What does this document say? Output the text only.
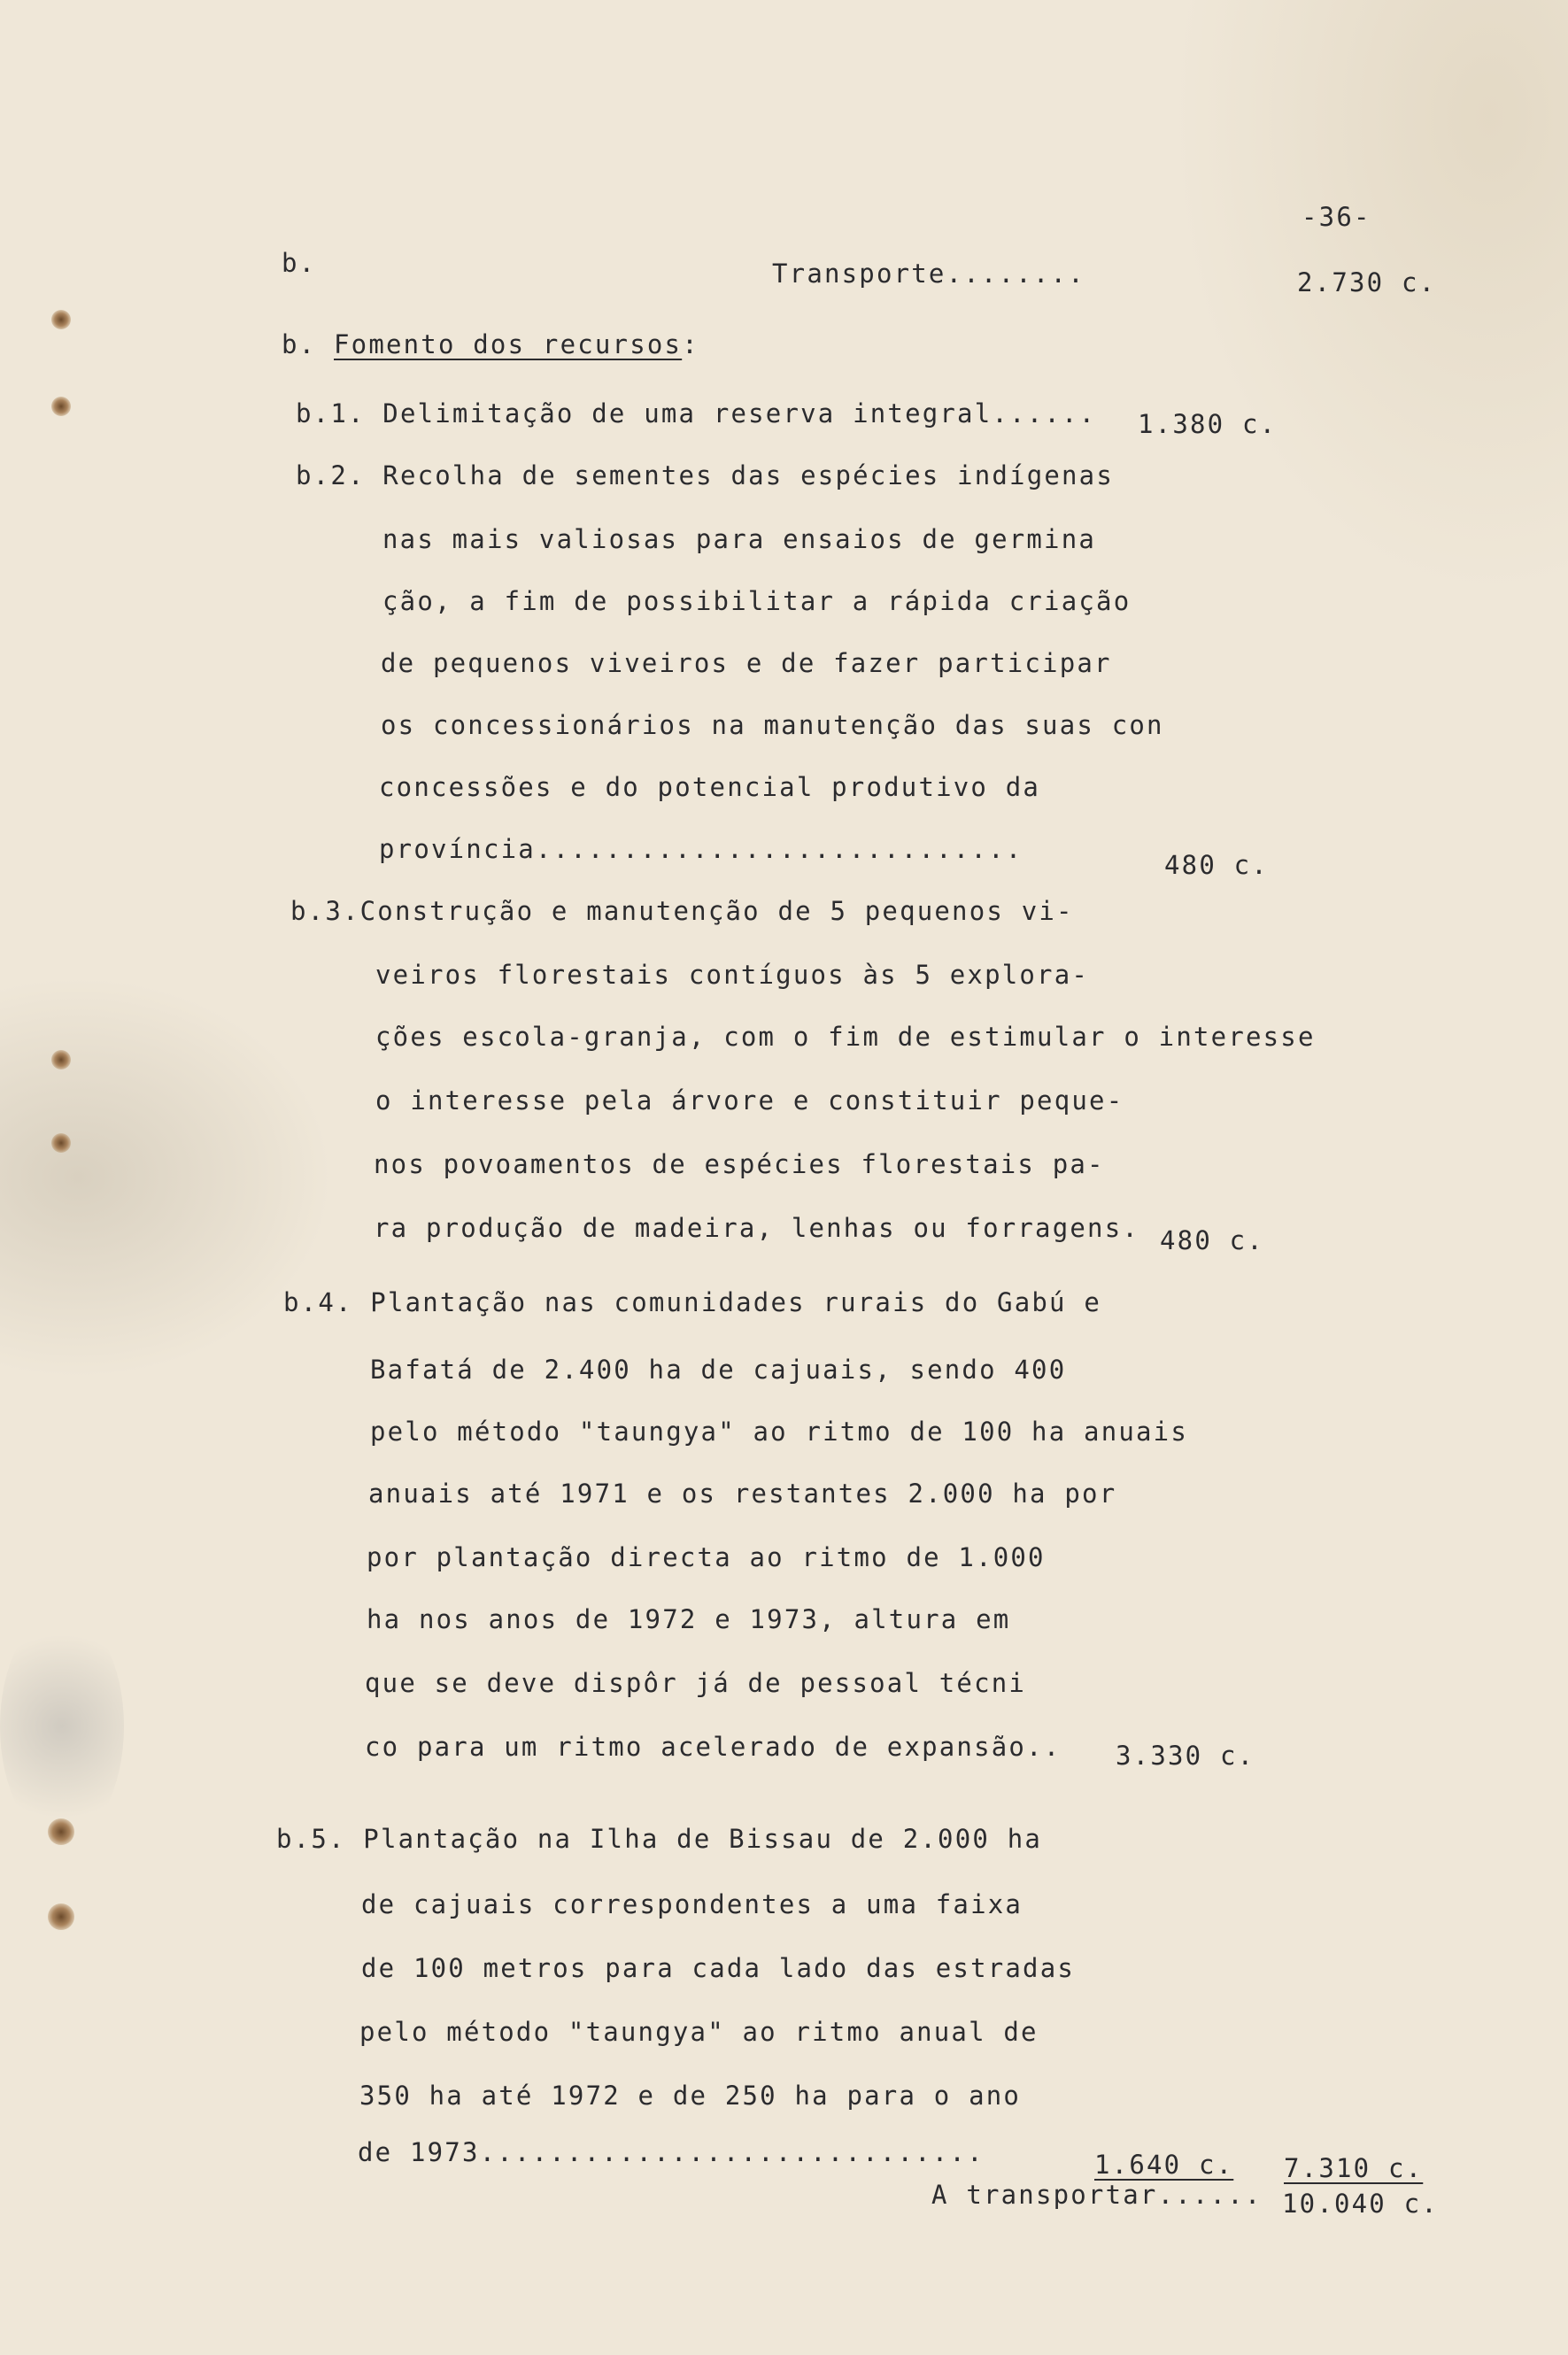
-36-
b.	Transporte........	2.730 c.
b. Fomento dos recursos:
b.1. Delimitação de uma reserva integral...... 1.380 c.
b.2. Recolha de sementes das espécies indígenas
nas mais valiosas para ensaios de germina
ção, a fim de possibilitar a rápida criação
de pequenos viveiros e de fazer participar
os concessionários na manutenção das suas con
concessões e do potencial produtivo da
província............................
480 c.
b.3.Construção e manutenção de 5 pequenos vi-
veiros florestais contíguos às 5 explora-
ções escola-granja, com o fim de estimular o interesse
o interesse pela árvore e constituir peque-
nos povoamentos de espécies florestais pa-
ra produção de madeira, lenhas ou forragens. 480 c.
b.4. Plantação nas comunidades rurais do Gabú e
Bafatá de 2.400 ha de cajuais, sendo 400
pelo método "taungya" ao ritmo de 100 ha anuais
anuais até 1971 e os restantes 2.000 ha por
por plantação directa ao ritmo de 1.000
ha nos anos de 1972 e 1973, altura em
que se deve dispôr já de pessoal técni
co para um ritmo acelerado de expansão.. 3.330 c.
b.5. Plantação na Ilha de Bissau de 2.000 ha
de cajuais correspondentes a uma faixa
de 100 metros para cada lado das estradas
pelo método "taungya" ao ritmo anual de
350 ha até 1972 e de 250 ha para o ano
de 1973.............................	1.640 c. 7.310 c.
A transportar...... 10.040 c.
